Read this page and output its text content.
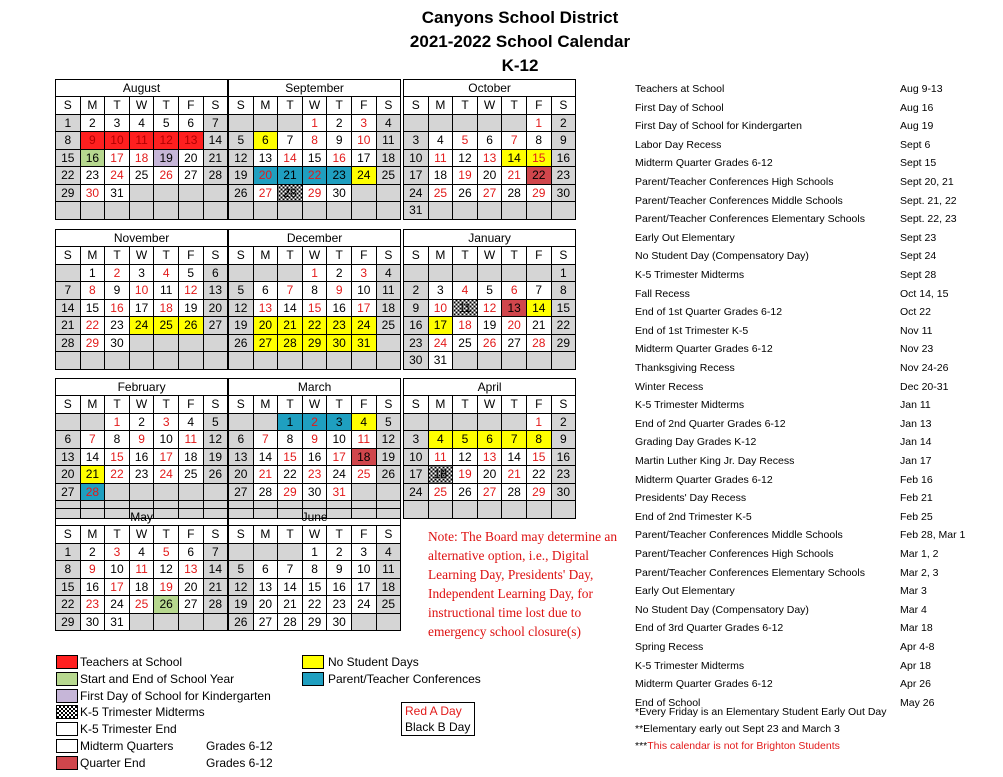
Canyons School District
2021-2022 School Calendar
K-12
August						
S	M	T	W	T	F	S
1	2	3	4	5	6	7
8	9	10	11	12	13	14
15	16	17	18	19	20	21
22	23	24	25	26	27	28
29	30	31				

September						
S	M	T	W	T	F	S
			1	2	3	4
5	6	7	8	9	10	11
12	13	14	15	16	17	18
19	20	21	22	23	24	25
26	27	28	29	30		

October						
S	M	T	W	T	F	S
					1	2
3	4	5	6	7	8	9
10	11	12	13	14	15	16
17	18	19	20	21	22	23
24	25	26	27	28	29	30
31						
November						
S	M	T	W	T	F	S
	1	2	3	4	5	6
7	8	9	10	11	12	13
14	15	16	17	18	19	20
21	22	23	24	25	26	27
28	29	30				

December						
S	M	T	W	T	F	S
			1	2	3	4
5	6	7	8	9	10	11
12	13	14	15	16	17	18
19	20	21	22	23	24	25
26	27	28	29	30	31	

January						
S	M	T	W	T	F	S
						1
2	3	4	5	6	7	8
9	10	11	12	13	14	15
16	17	18	19	20	21	22
23	24	25	26	27	28	29
30	31					
February						
S	M	T	W	T	F	S
		1	2	3	4	5
6	7	8	9	10	11	12
13	14	15	16	17	18	19
20	21	22	23	24	25	26
27	28					

March						
S	M	T	W	T	F	S
		1	2	3	4	5
6	7	8	9	10	11	12
13	14	15	16	17	18	19
20	21	22	23	24	25	26
27	28	29	30	31		

April						
S	M	T	W	T	F	S
					1	2
3	4	5	6	7	8	9
10	11	12	13	14	15	16
17	18	19	20	21	22	23
24	25	26	27	28	29	30

May						
S	M	T	W	T	F	S
1	2	3	4	5	6	7
8	9	10	11	12	13	14
15	16	17	18	19	20	21
22	23	24	25	26	27	28
29	30	31				
June						
S	M	T	W	T	F	S
			1	2	3	4
5	6	7	8	9	10	11
12	13	14	15	16	17	18
19	20	21	22	23	24	25
26	27	28	29	30		
Note: The Board may determine an alternative option, i.e., Digital Learning Day, Presidents' Day, Independent Learning Day, for instructional time lost due to emergency school closure(s)
Teachers at School	Aug 9-13
First Day of School	Aug 16
First Day of School for Kindergarten	Aug 19
Labor Day Recess	Sept 6
Midterm Quarter Grades 6-12	Sept 15
Parent/Teacher Conferences High Schools	Sept 20, 21
Parent/Teacher Conferences Middle Schools	Sept. 21, 22
Parent/Teacher Conferences Elementary Schools	Sept. 22, 23
Early Out Elementary	Sept 23
No Student Day (Compensatory Day)	Sept 24
K-5 Trimester Midterms	Sept 28
Fall Recess	Oct 14, 15
End of 1st Quarter Grades 6-12	Oct 22
End of 1st Trimester K-5	Nov 11
Midterm Quarter Grades 6-12	Nov 23
Thanksgiving Recess	Nov 24-26
Winter Recess	Dec 20-31
K-5 Trimester Midterms	Jan 11
End of 2nd Quarter Grades 6-12	Jan 13
Grading Day Grades K-12	Jan 14
Martin Luther King Jr. Day Recess	Jan 17
Midterm Quarter Grades 6-12	Feb 16
Presidents' Day Recess	Feb 21
End of 2nd Trimester K-5	Feb 25
Parent/Teacher Conferences Middle Schools	Feb 28, Mar 1
Parent/Teacher Conferences High Schools	Mar 1, 2
Parent/Teacher Conferences Elementary Schools	Mar 2, 3
Early Out Elementary	Mar 3
No Student Day (Compensatory Day)	Mar 4
End of 3rd Quarter Grades 6-12	Mar 18
Spring Recess	Apr 4-8
K-5 Trimester Midterms	Apr 18
Midterm Quarter Grades 6-12	Apr 26
End of School	May 26
*Every Friday is an Elementary Student Early Out Day
**Elementary early out Sept 23 and March 3
***This calendar is not for Brighton Students
Teachers at School
Start and End of School Year
First Day of School for Kindergarten
K-5 Trimester Midterms
K-5 Trimester End
Midterm Quarters	Grades 6-12
Quarter End	Grades 6-12
No Student Days
Parent/Teacher Conferences
Red A Day
Black B Day
